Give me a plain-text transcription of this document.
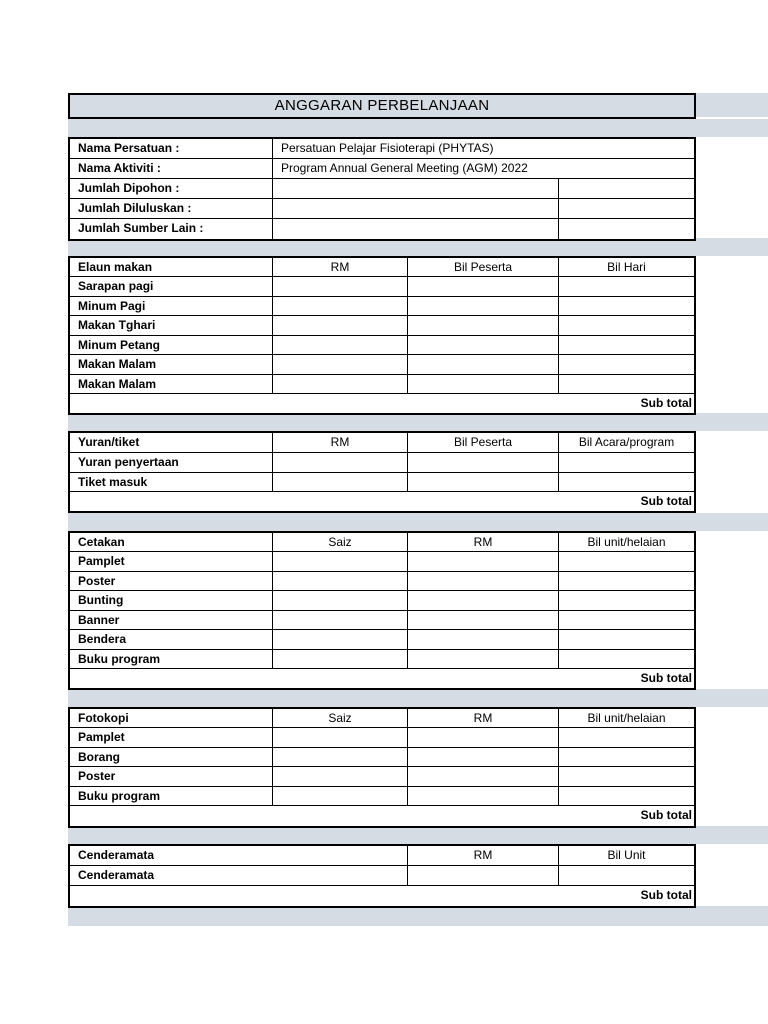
ANGGARAN PERBELANJAAN
Nama Persatuan :	Persatuan Pelajar Fisioterapi (PHYTAS)
Nama Aktiviti :	Program Annual General Meeting (AGM) 2022
Jumlah Dipohon :
Jumlah Diluluskan :
Jumlah Sumber Lain :
Elaun makan	RM	Bil Peserta	Bil Hari
Sarapan pagi
Minum Pagi
Makan Tghari
Minum Petang
Makan Malam
Makan Malam
Sub total
Yuran/tiket	RM	Bil Peserta	Bil Acara/program
Yuran penyertaan
Tiket masuk
Sub total
Cetakan	Saiz	RM	Bil unit/helaian
Pamplet
Poster
Bunting
Banner
Bendera
Buku program
Sub total
Fotokopi	Saiz	RM	Bil unit/helaian
Pamplet
Borang
Poster
Buku program
Sub total
Cenderamata	RM	Bil Unit
Cenderamata
Sub total
